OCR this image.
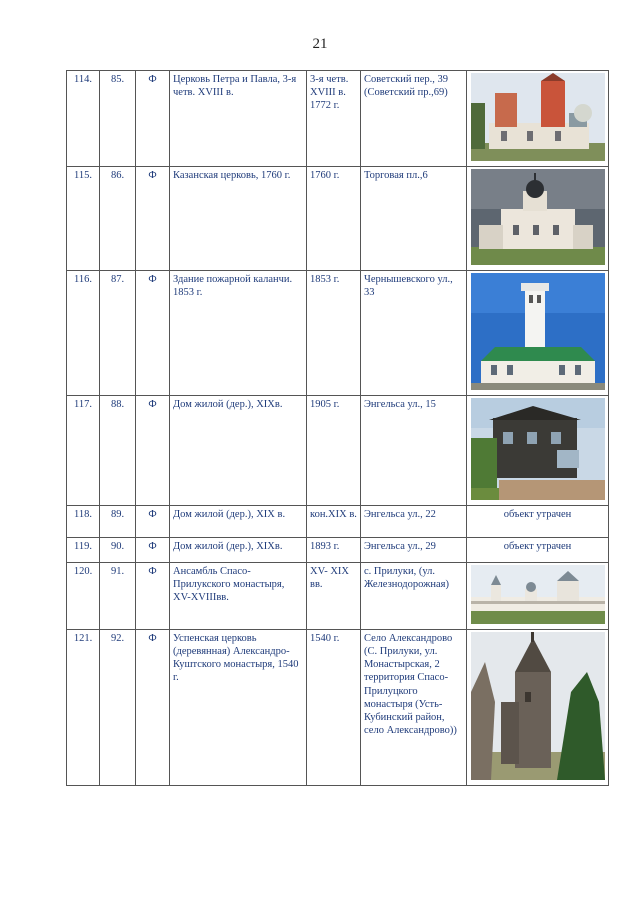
21
114.	85.	Ф	Церковь Петра и Павла, 3-я четв. XVIII в.	3-я четв. XVIII в. 1772 г.	Советский пер., 39 (Советский пр.,69)	

115.	86.	Ф	Казанская церковь, 1760 г.	1760 г.	Торговая пл.,6	

116.	87.	Ф	Здание пожарной каланчи. 1853 г.	1853 г.	Чернышевского ул., 33	

117.	88.	Ф	Дом жилой (дер.), XIXв.	1905 г.	Энгельса ул., 15	

118.	89.	Ф	Дом жилой (дер.), XIX в.	кон.XIX в.	Энгельса ул., 22	объект утрачен
119.	90.	Ф	Дом жилой (дер.), XIXв.	1893 г.	Энгельса ул., 29	объект утрачен
120.	91.	Ф	Ансамбль Спасо-Прилукского монастыря, XV-XVIIIвв.	XV- XIX вв.	с. Прилуки, (ул. Железнодорожная)	

121.	92.	Ф	Успенская церковь (деревянная) Александро-Куштского монастыря, 1540 г.	1540 г.	Село Александрово (С. Прилуки, ул. Монастырская, 2 территория Спасо-Прилуцкого монастыря (Усть-Кубинский район, село Александрово))	
